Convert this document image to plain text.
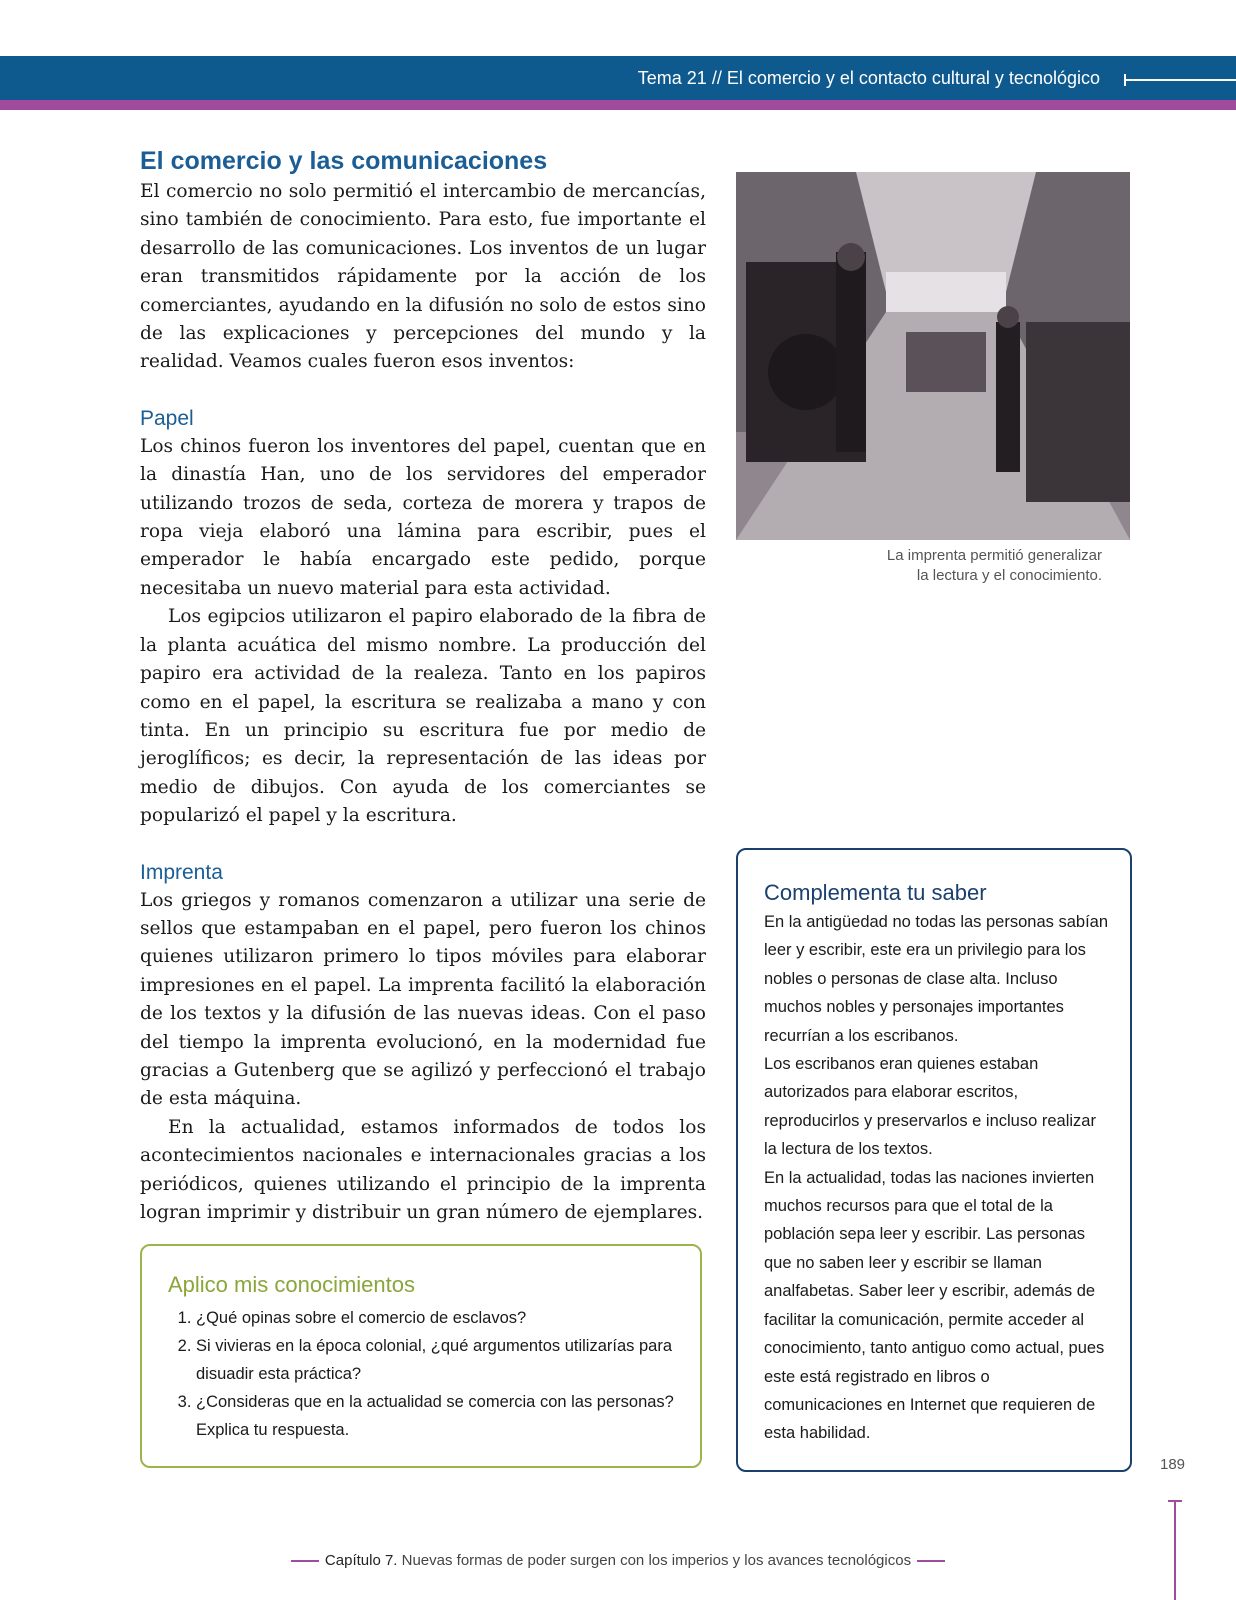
Tema 21 // El comercio y el contacto cultural y tecnológico
El comercio y las comunicaciones

El comercio no solo permitió el intercambio de mercancías, sino también de conocimiento. Para esto, fue importante el desarrollo de las comunicaciones. Los inventos de un lugar eran transmitidos rápidamente por la acción de los comerciantes, ayudando en la difusión no solo de estos sino de las explicaciones y percepciones del mundo y la realidad. Veamos cuales fueron esos inventos:

Papel

Los chinos fueron los inventores del papel, cuentan que en la dinastía Han, uno de los servidores del emperador utilizando trozos de seda, corteza de morera y trapos de ropa vieja elaboró una lámina para escribir, pues el emperador le había encargado este pedido, porque necesitaba un nuevo material para esta actividad.

Los egipcios utilizaron el papiro elaborado de la fibra de la planta acuática del mismo nombre. La producción del papiro era actividad de la realeza. Tanto en los papiros como en el papel, la escritura se realizaba a mano y con tinta. En un principio su escritura fue por medio de jeroglíficos; es decir, la representación de las ideas por medio de dibujos. Con ayuda de los comerciantes se popularizó el papel y la escritura.

Imprenta

Los griegos y romanos comenzaron a utilizar una serie de sellos que estampaban en el papel, pero fueron los chinos quienes utilizaron primero lo tipos móviles para elaborar impresiones en el papel. La imprenta facilitó la elaboración de los textos y la difusión de las nuevas ideas. Con el paso del tiempo la imprenta evolucionó, en la modernidad fue gracias a Gutenberg que se agilizó y perfeccionó el trabajo de esta máquina.

En la actualidad, estamos informados de todos los acontecimientos nacionales e internacionales gracias a los periódicos, quienes utilizando el principio de la imprenta logran imprimir y distribuir un gran número de ejemplares.

La imprenta permitió generalizar
la lectura y el conocimiento.
Complementa tu saber

En la antigüedad no todas las personas sabían leer y escribir, este era un privilegio para los nobles o personas de clase alta. Incluso muchos nobles y personajes importantes recurrían a los escribanos.

Los escribanos eran quienes estaban autorizados para elaborar escritos, reproducirlos y preservarlos e incluso realizar la lectura de los textos.

En la actualidad, todas las naciones invierten muchos recursos para que el total de la población sepa leer y escribir. Las personas que no saben leer y escribir se llaman analfabetas. Saber leer y escribir, además de facilitar la comunicación, permite acceder al conocimiento, tanto antiguo como actual, pues este está registrado en libros o comunicaciones en Internet que requieren de esta habilidad.

Aplico mis conocimientos
1. ¿Qué opinas sobre el comercio de esclavos?
2. Si vivieras en la época colonial, ¿qué argumentos utilizarías para disuadir esta práctica?
3. ¿Consideras que en la actualidad se comercia con las personas? Explica tu respuesta.
189
Capítulo 7. Nuevas formas de poder surgen con los imperios y los avances tecnológicos
